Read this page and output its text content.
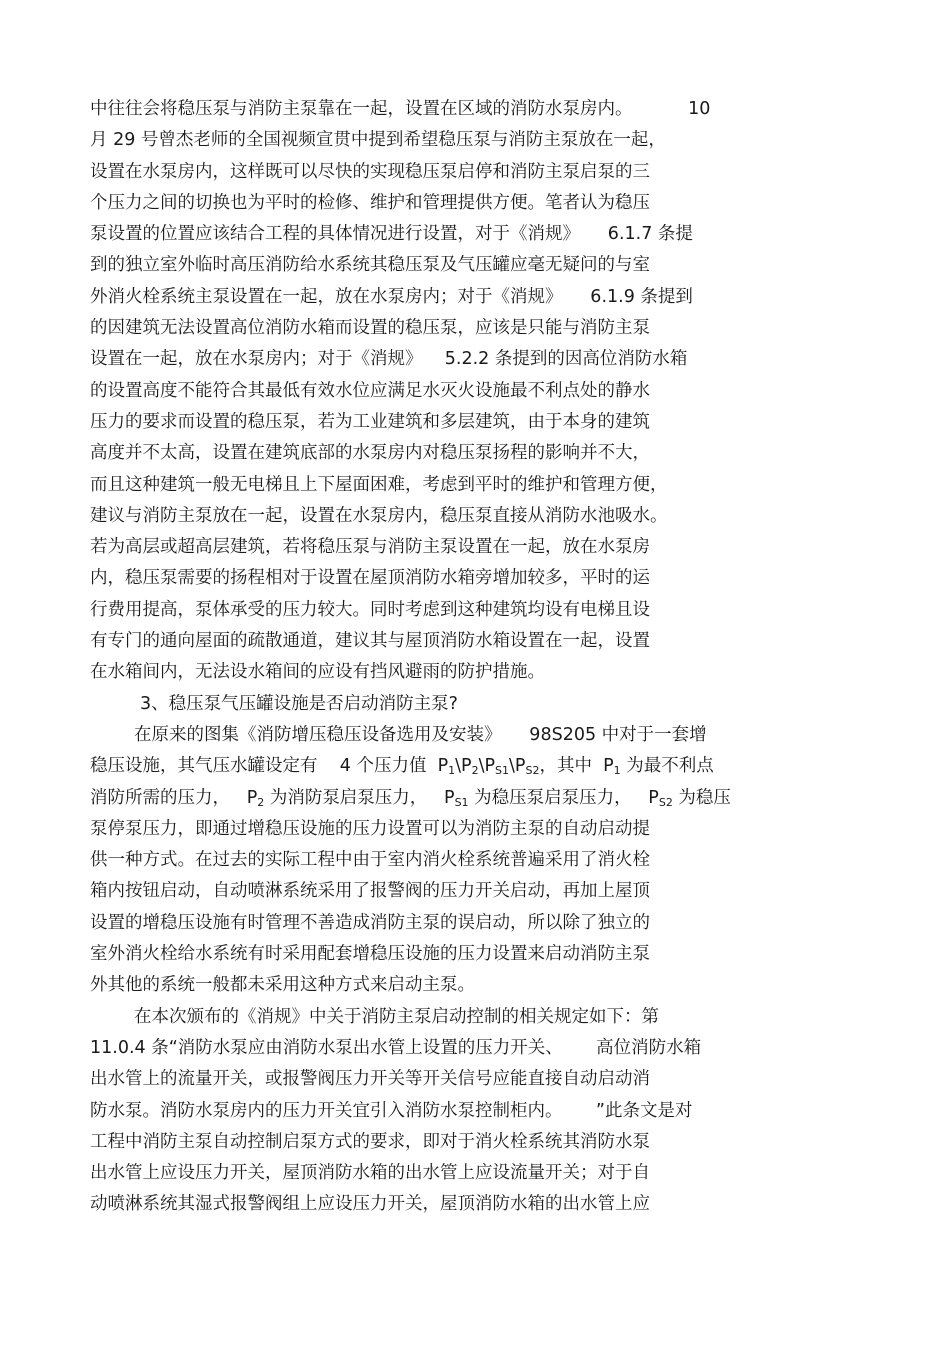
中往往会将稳压泵与消防主泵靠在一起，设置在区域的消防水泵房内。          10
月 29 号曾杰老师的全国视频宣贯中提到希望稳压泵与消防主泵放在一起，
设置在水泵房内，这样既可以尽快的实现稳压泵启停和消防主泵启泵的三
个压力之间的切换也为平时的检修、维护和管理提供方便。笔者认为稳压
泵设置的位置应该结合工程的具体情况进行设置，对于《消规》     6.1.7 条提
到的独立室外临时高压消防给水系统其稳压泵及气压罐应毫无疑问的与室
外消火栓系统主泵设置在一起，放在水泵房内；对于《消规》     6.1.9 条提到
的因建筑无法设置高位消防水箱而设置的稳压泵，应该是只能与消防主泵
设置在一起，放在水泵房内；对于《消规》    5.2.2 条提到的因高位消防水箱
的设置高度不能符合其最低有效水位应满足水灭火设施最不利点处的静水
压力的要求而设置的稳压泵，若为工业建筑和多层建筑，由于本身的建筑
高度并不太高，设置在建筑底部的水泵房内对稳压泵扬程的影响并不大，
而且这种建筑一般无电梯且上下屋面困难，考虑到平时的维护和管理方便，
建议与消防主泵放在一起，设置在水泵房内，稳压泵直接从消防水池吸水。
若为高层或超高层建筑，若将稳压泵与消防主泵设置在一起，放在水泵房
内，稳压泵需要的扬程相对于设置在屋顶消防水箱旁增加较多，平时的运
行费用提高，泵体承受的压力较大。同时考虑到这种建筑均设有电梯且设
有专门的通向屋面的疏散通道，建议其与屋顶消防水箱设置在一起，设置
在水箱间内，无法设水箱间的应设有挡风避雨的防护措施。
3、稳压泵气压罐设施是否启动消防主泵?
在原来的图集《消防增压稳压设备选用及安装》     98S205 中对于一套增
稳压设施，其气压水罐设定有    4 个压力值  $P_1\backslash P_2\backslash P_{S1}\backslash P_{S2}$，其中  $P_1$ 为最不利点
消防所需的压力，   $P_2$ 为消防泵启泵压力，   $P_{S1}$ 为稳压泵启泵压力，   $P_{S2}$ 为稳压
泵停泵压力，即通过增稳压设施的压力设置可以为消防主泵的自动启动提
供一种方式。在过去的实际工程中由于室内消火栓系统普遍采用了消火栓
箱内按钮启动，自动喷淋系统采用了报警阀的压力开关启动，再加上屋顶
设置的增稳压设施有时管理不善造成消防主泵的误启动，所以除了独立的
室外消火栓给水系统有时采用配套增稳压设施的压力设置来启动消防主泵
外其他的系统一般都未采用这种方式来启动主泵。
在本次颁布的《消规》中关于消防主泵启动控制的相关规定如下：第
11.0.4 条“消防水泵应由消防水泵出水管上设置的压力开关、      高位消防水箱
出水管上的流量开关，或报警阀压力开关等开关信号应能直接自动启动消
防水泵。消防水泵房内的压力开关宜引入消防水泵控制柜内。      ”此条文是对
工程中消防主泵自动控制启泵方式的要求，即对于消火栓系统其消防水泵
出水管上应设压力开关，屋顶消防水箱的出水管上应设流量开关；对于自
动喷淋系统其湿式报警阀组上应设压力开关，屋顶消防水箱的出水管上应
